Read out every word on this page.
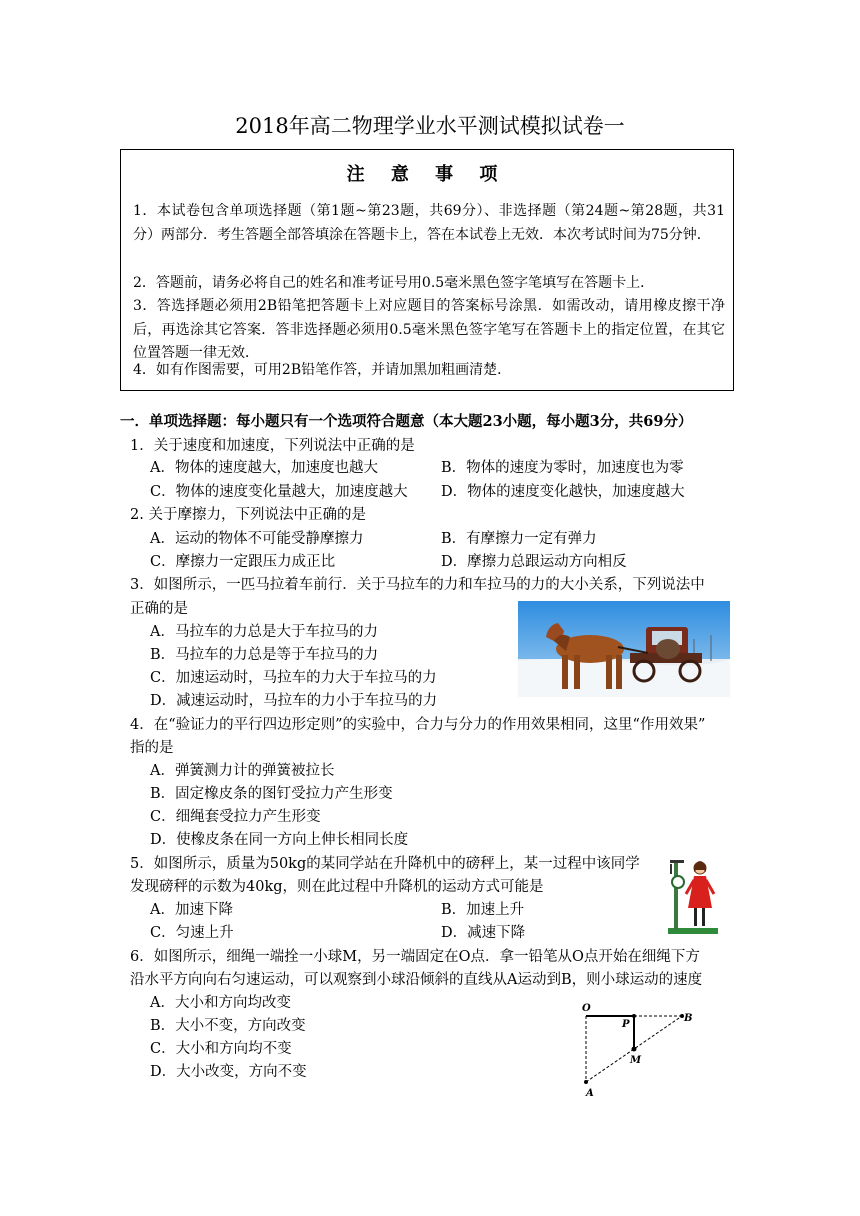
2018年高二物理学业水平测试模拟试卷一
注 意 事 项
1．本试卷包含单项选择题（第1题~第23题，共69分）、非选择题（第24题~第28题，共31分）两部分．考生答题全部答填涂在答题卡上，答在本试卷上无效．本次考试时间为75分钟．
2．答题前，请务必将自己的姓名和准考证号用0.5毫米黑色签字笔填写在答题卡上．
3．答选择题必须用2B铅笔把答题卡上对应题目的答案标号涂黑．如需改动，请用橡皮擦干净后，再选涂其它答案．答非选择题必须用0.5毫米黑色签字笔写在答题卡上的指定位置，在其它位置答题一律无效．
4．如有作图需要，可用2B铅笔作答，并请加黑加粗画清楚．
一．单项选择题：每小题只有一个选项符合题意（本大题23小题，每小题3分，共69分）
1．关于速度和加速度，下列说法中正确的是
A．物体的速度越大，加速度也越大	B．物体的速度为零时，加速度也为零
C．物体的速度变化量越大，加速度越大 D．物体的速度变化越快，加速度越大
2. 关于摩擦力，下列说法中正确的是
A．运动的物体不可能受静摩擦力	B．有摩擦力一定有弹力
C．摩擦力一定跟压力成正比	D．摩擦力总跟运动方向相反
3．如图所示，一匹马拉着车前行．关于马拉车的力和车拉马的力的大小关系，下列说法中
正确的是
A．马拉车的力总是大于车拉马的力
B．马拉车的力总是等于车拉马的力
C．加速运动时，马拉车的力大于车拉马的力
D．减速运动时，马拉车的力小于车拉马的力
4．在“验证力的平行四边形定则”的实验中，合力与分力的作用效果相同，这里“作用效果”
指的是
A．弹簧测力计的弹簧被拉长
B．固定橡皮条的图钉受拉力产生形变
C．细绳套受拉力产生形变
D．使橡皮条在同一方向上伸长相同长度
5．如图所示，质量为50kg的某同学站在升降机中的磅秤上，某一过程中该同学
发现磅秤的示数为40kg，则在此过程中升降机的运动方式可能是
A．加速下降	B．加速上升
C．匀速上升	D．减速下降
6．如图所示，细绳一端拴一小球M，另一端固定在O点．拿一铅笔从O点开始在细绳下方
沿水平方向向右匀速运动，可以观察到小球沿倾斜的直线从A运动到B，则小球运动的速度
A．大小和方向均改变
B．大小不变，方向改变
C．大小和方向均不变
D．大小改变，方向不变
O
P
B
M
A
